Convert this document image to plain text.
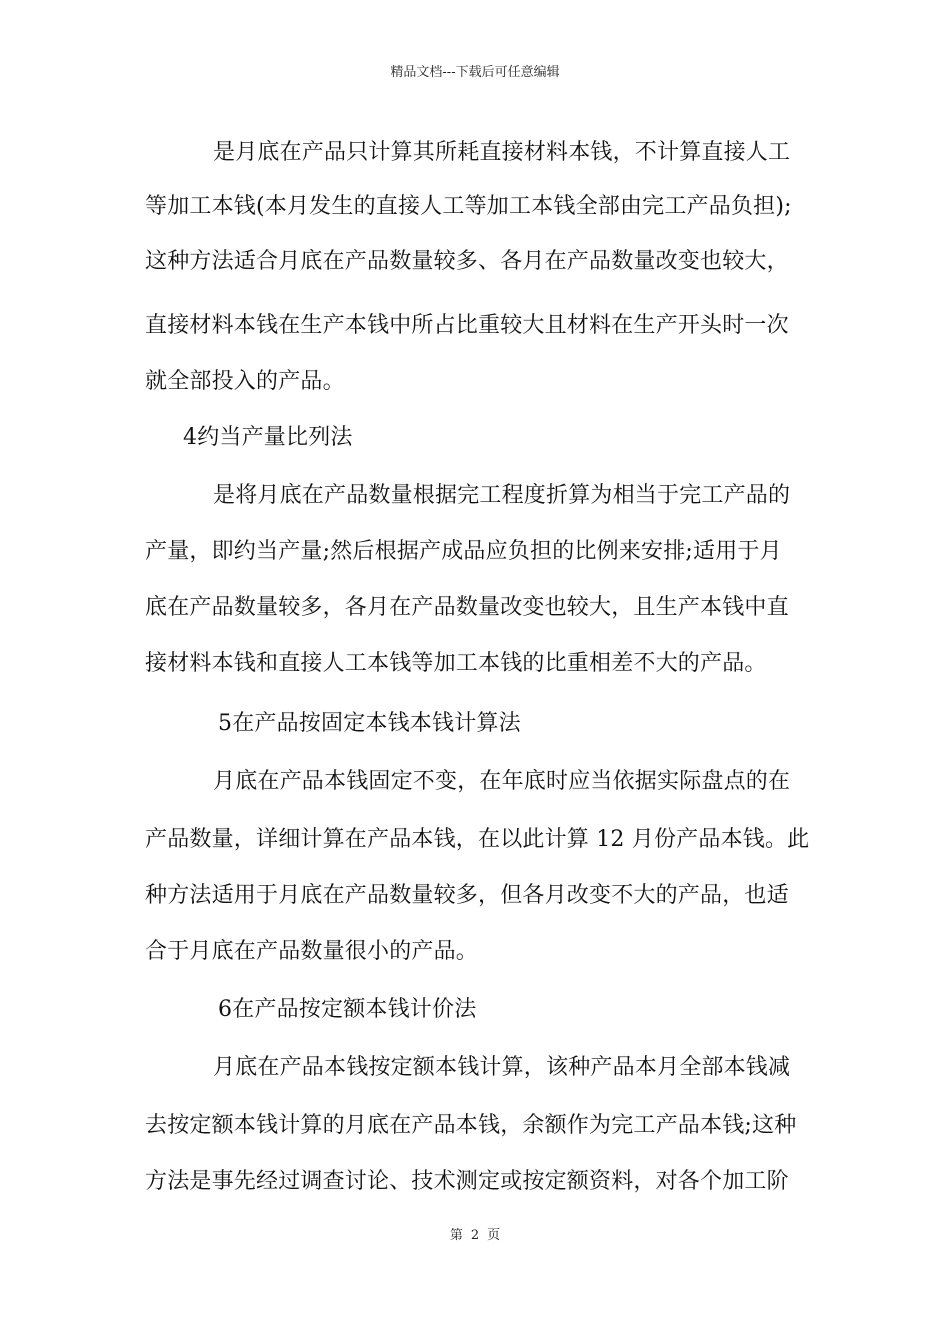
精品文档---下载后可任意编辑
是月底在产品只计算其所耗直接材料本钱，不计算直接人工
等加工本钱(本月发生的直接人工等加工本钱全部由完工产品负担);
这种方法适合月底在产品数量较多、各月在产品数量改变也较大，
直接材料本钱在生产本钱中所占比重较大且材料在生产开头时一次
就全部投入的产品。
4约当产量比列法
是将月底在产品数量根据完工程度折算为相当于完工产品的
产量，即约当产量;然后根据产成品应负担的比例来安排;适用于月
底在产品数量较多，各月在产品数量改变也较大，且生产本钱中直
接材料本钱和直接人工本钱等加工本钱的比重相差不大的产品。
5在产品按固定本钱本钱计算法
月底在产品本钱固定不变，在年底时应当依据实际盘点的在
产品数量，详细计算在产品本钱，在以此计算 12 月份产品本钱。此
种方法适用于月底在产品数量较多，但各月改变不大的产品，也适
合于月底在产品数量很小的产品。
6在产品按定额本钱计价法
月底在产品本钱按定额本钱计算，该种产品本月全部本钱减
去按定额本钱计算的月底在产品本钱，余额作为完工产品本钱;这种
方法是事先经过调查讨论、技术测定或按定额资料，对各个加工阶
第 2 页
